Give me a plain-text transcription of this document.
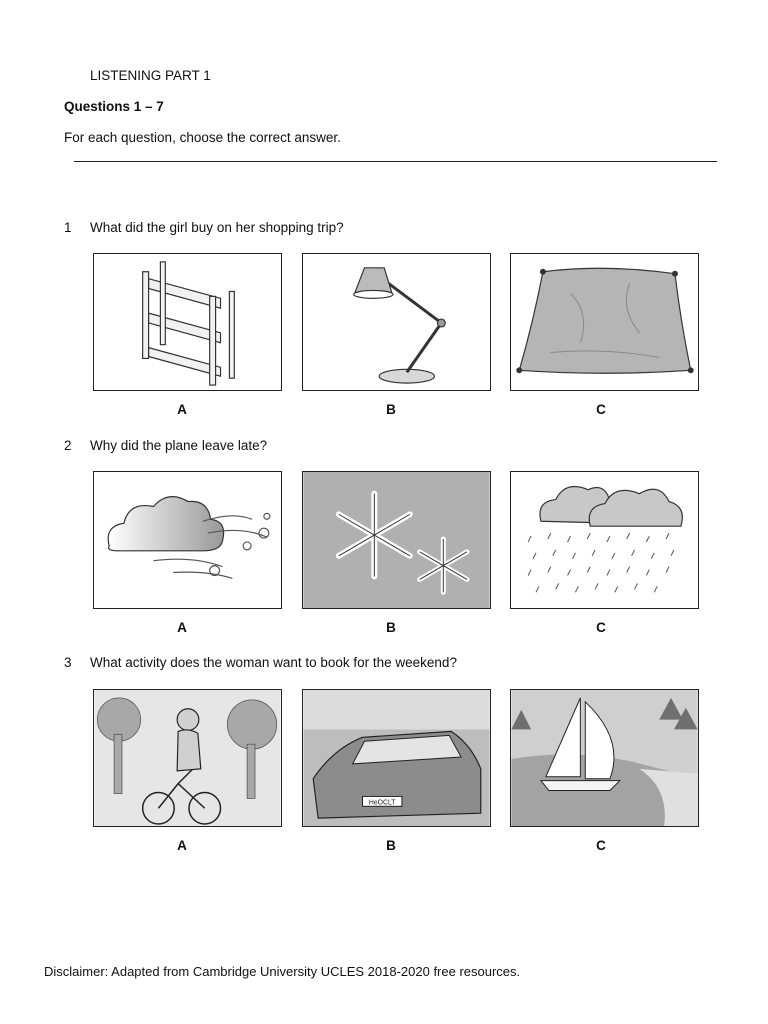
LISTENING PART 1
Questions 1 – 7
For each question, choose the correct answer.
1 What did the girl buy on her shopping trip?
A	B	C
2 Why did the plane leave late?
A	B	C
3 What activity does the woman want to book for the weekend?
HeOCLT
A	B	C
Disclaimer: Adapted from Cambridge University UCLES 2018-2020 free resources.
